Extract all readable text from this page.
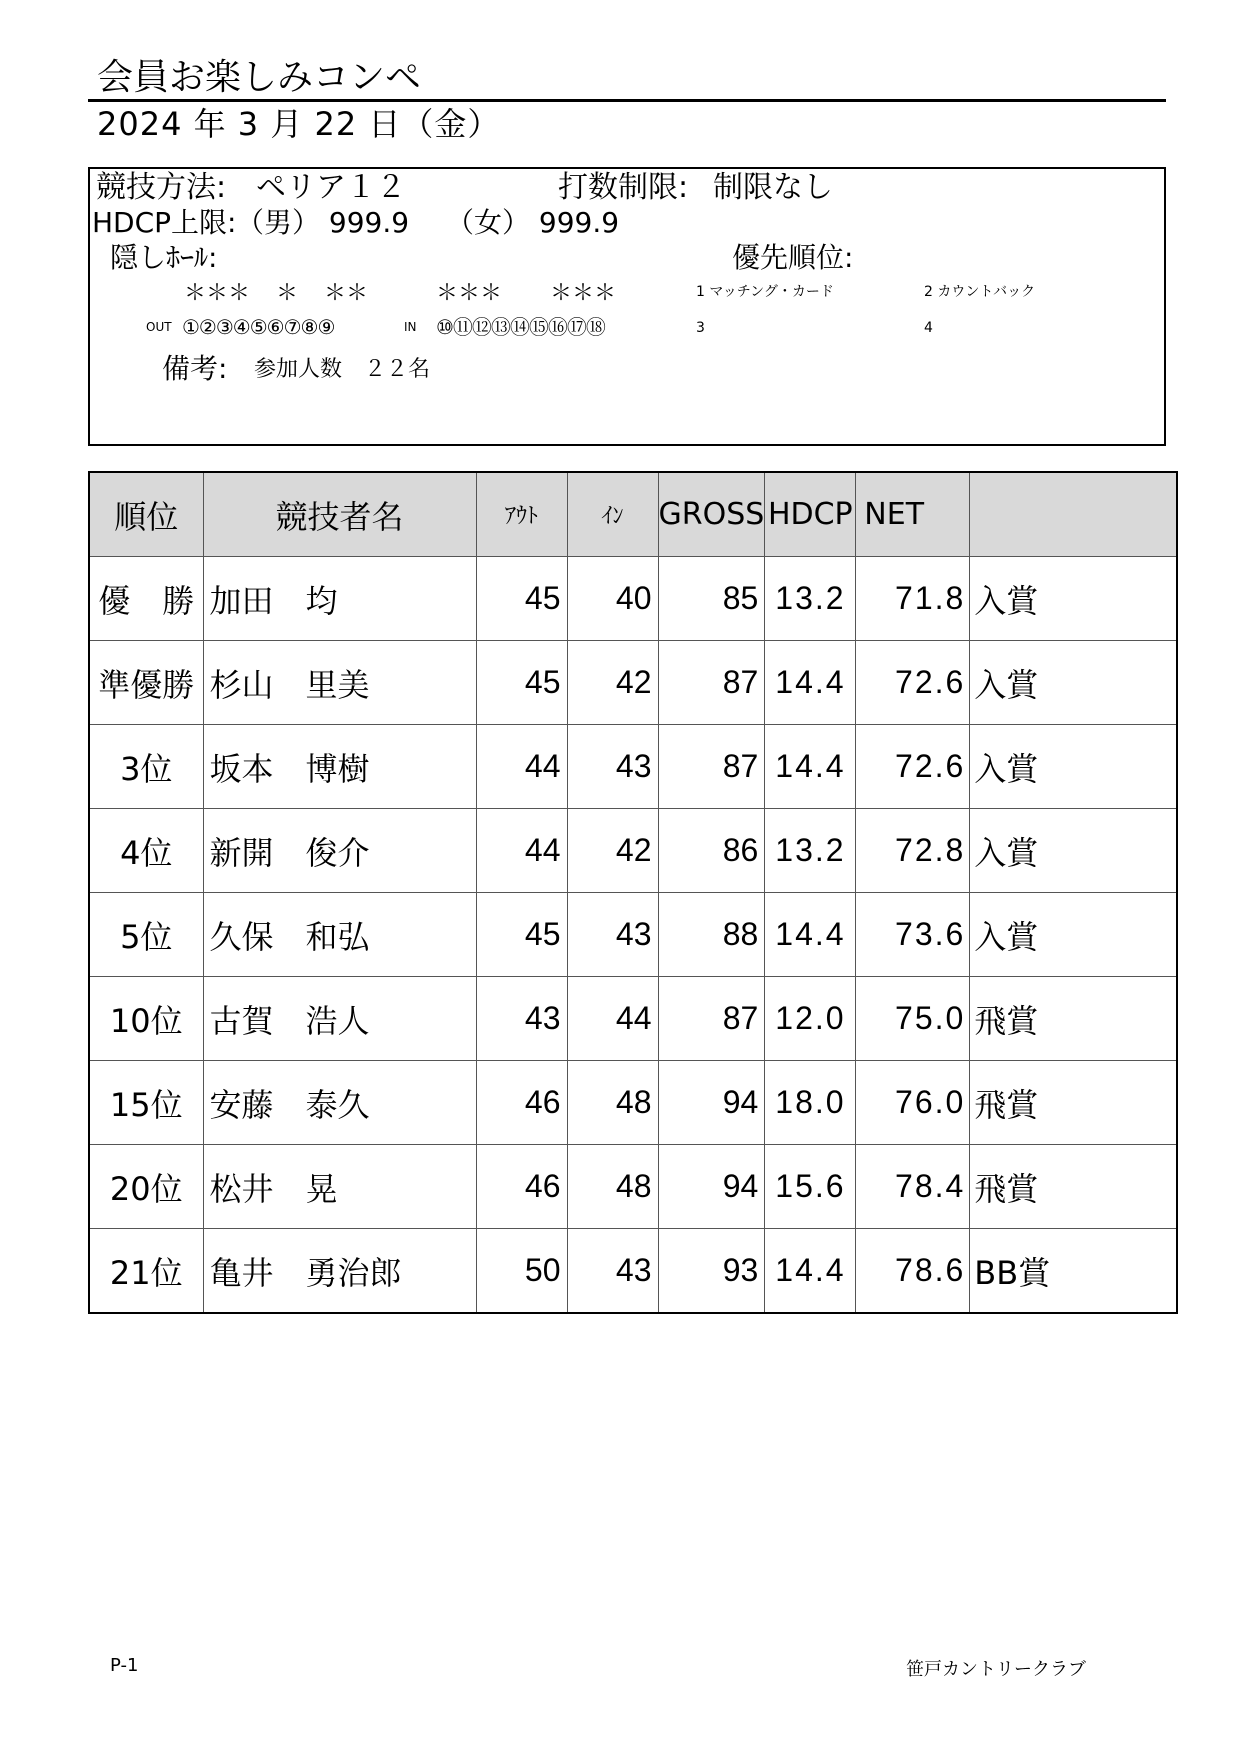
会員お楽しみコンペ
2024 年 3 月 22 日（金）
競技方法: ペリア１２	打数制限: 制限なし
HDCP上限: （男） 999.9 （女） 999.9
隠しﾎｰﾙ:	優先順位:
＊＊＊ ＊ ＊＊	＊＊＊ ＊＊＊	1 マッチング・カード	2 カウントバック
OUT ①②③④⑤⑥⑦⑧⑨	IN ⑩⑪⑫⑬⑭⑮⑯⑰⑱	3	4
備考: 参加人数　２２名
順位	競技者名	ｱｳﾄ	ｲﾝ	GROSS	HDCP	NET	
優　勝	加田　均	45	40	85	13.2	71.8	入賞
準優勝	杉山　里美	45	42	87	14.4	72.6	入賞
3位	坂本　博樹	44	43	87	14.4	72.6	入賞
4位	新開　俊介	44	42	86	13.2	72.8	入賞
5位	久保　和弘	45	43	88	14.4	73.6	入賞
10位	古賀　浩人	43	44	87	12.0	75.0	飛賞
15位	安藤　泰久	46	48	94	18.0	76.0	飛賞
20位	松井　晃	46	48	94	15.6	78.4	飛賞
21位	亀井　勇治郎	50	43	93	14.4	78.6	BB賞
P-1	笹戸カントリークラブ
